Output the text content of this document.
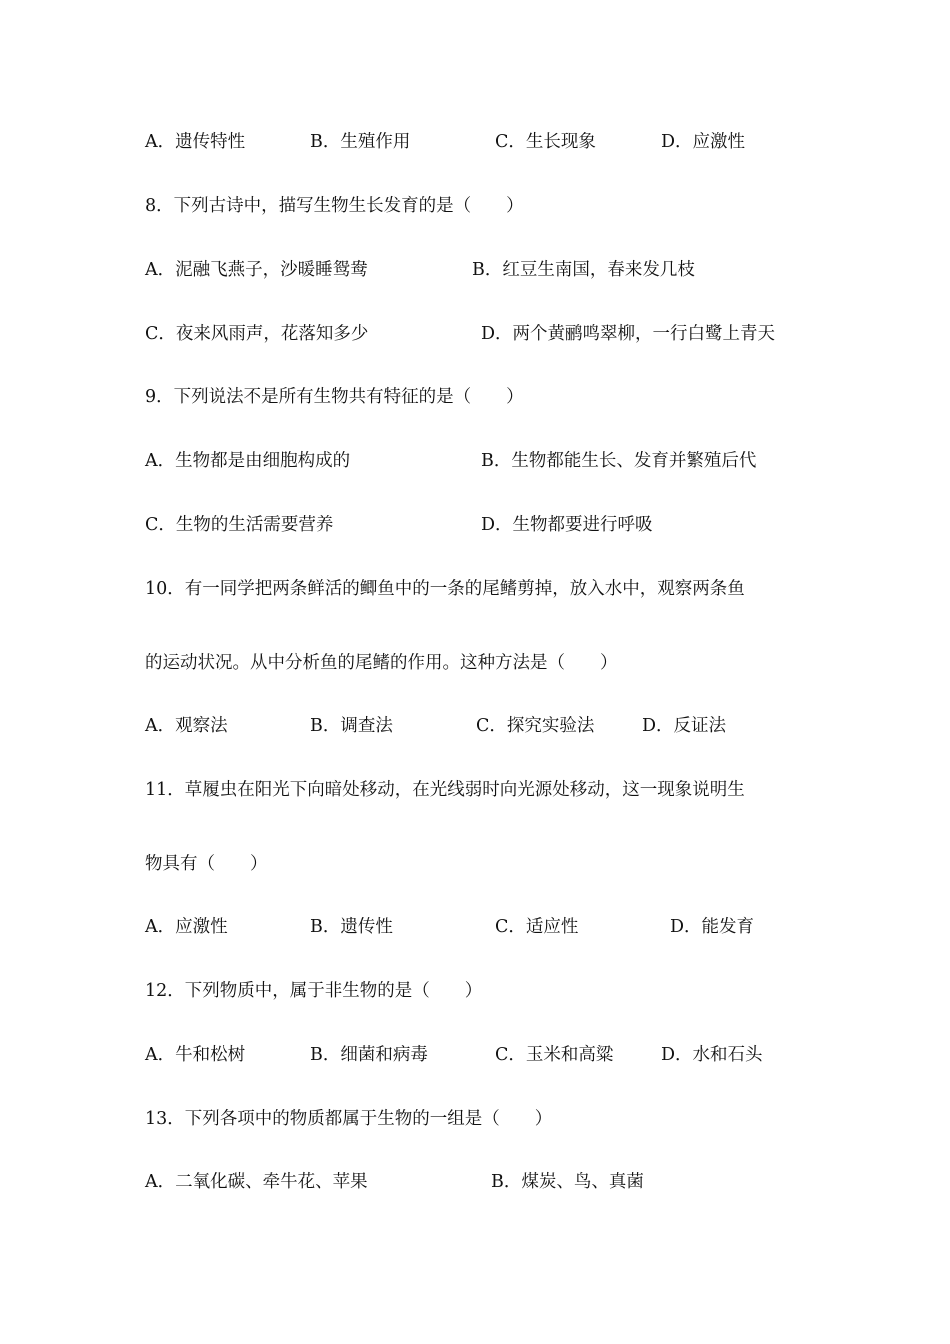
A．遗传特性	B．生殖作用	C．生长现象	D．应激性
8．下列古诗中，描写生物生长发育的是（　　）
A．泥融飞燕子，沙暖睡鸳鸯	B．红豆生南国，春来发几枝
C．夜来风雨声，花落知多少	D．两个黄鹂鸣翠柳，一行白鹭上青天
9．下列说法不是所有生物共有特征的是（　　）
A．生物都是由细胞构成的	B．生物都能生长、发育并繁殖后代
C．生物的生活需要营养	D．生物都要进行呼吸
10．有一同学把两条鲜活的鲫鱼中的一条的尾鳍剪掉，放入水中，观察两条鱼
的运动状况。从中分析鱼的尾鳍的作用。这种方法是（　　）
A．观察法	B．调查法	C．探究实验法	D．反证法
11．草履虫在阳光下向暗处移动，在光线弱时向光源处移动，这一现象说明生
物具有（　　）
A．应激性	B．遗传性	C．适应性	D．能发育
12．下列物质中，属于非生物的是（　　）
A．牛和松树	B．细菌和病毒	C．玉米和高粱	D．水和石头
13．下列各项中的物质都属于生物的一组是（　　）
A．二氧化碳、牵牛花、苹果	B．煤炭、鸟、真菌
